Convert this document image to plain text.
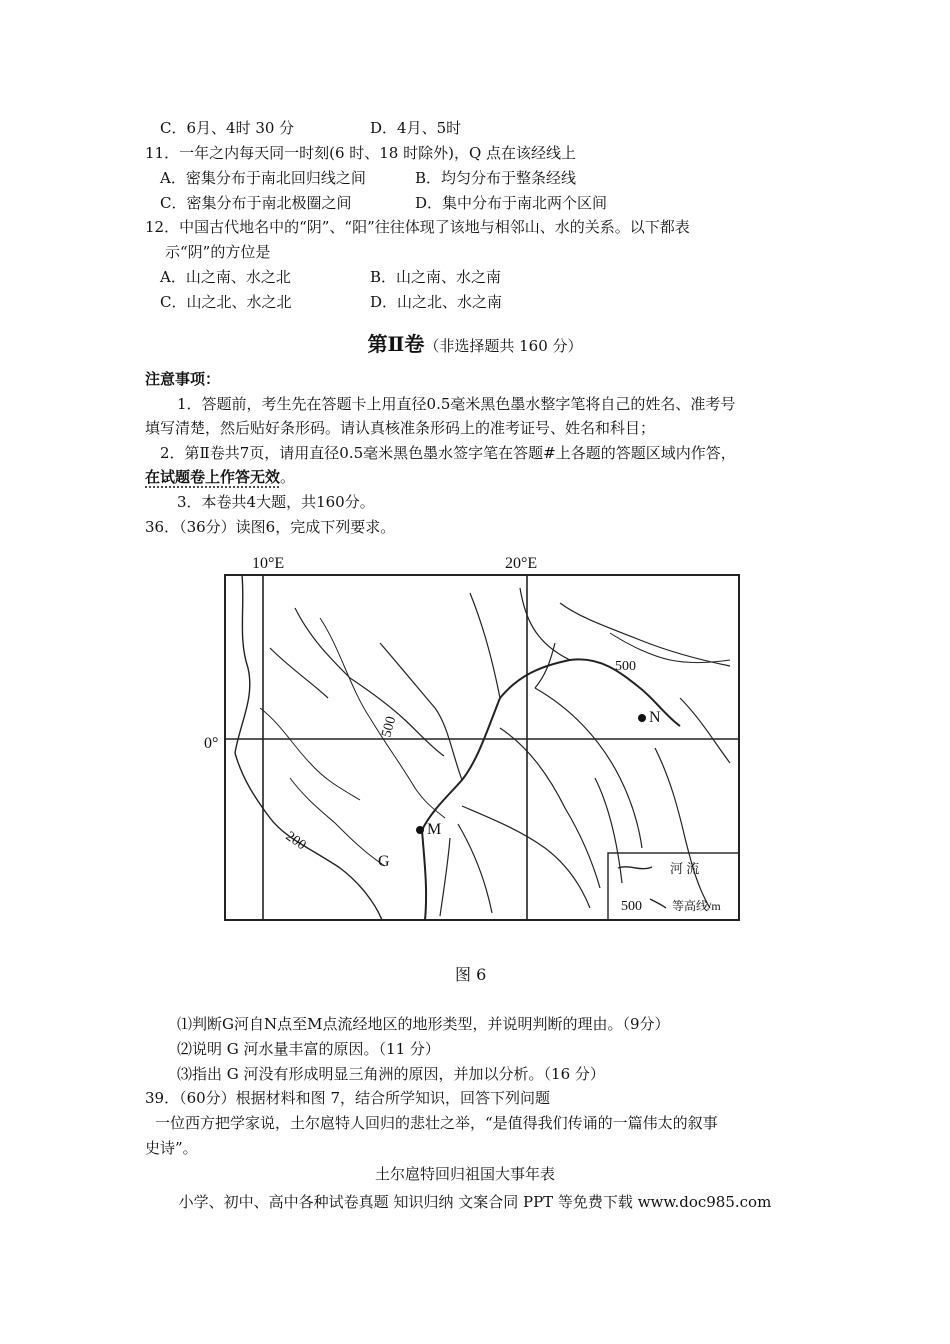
C．6月、4时 30 分	D．4月、5时
11．一年之内每天同一时刻(6 时、18 时除外)，Q 点在该经线上
A．密集分布于南北回归线之间	B．均匀分布于整条经线
C．密集分布于南北极圈之间	D．集中分布于南北两个区间
12．中国古代地名中的“阴”、“阳”往往体现了该地与相邻山、水的关系。以下都表
示“阴”的方位是
A．山之南、水之北	B．山之南、水之南
C．山之北、水之北	D．山之北、水之南
第Ⅱ卷（非选择题共 160 分）
注意事项：
1．答题前，考生先在答题卡上用直径0.5毫米黑色墨水整字笔将自己的姓名、准考号
填写清楚，然后贴好条形码。请认真核准条形码上的准考证号、姓名和科目；
2．第Ⅱ卷共7页，请用直径0.5毫米黑色墨水签字笔在答题#上各题的答题区域内作答，
在试题卷上作答无效。
3．本卷共4大题，共160分。
36．（36分）读图6，完成下列要求。
10°E	20°E
0°
500
500
200
N
M
G	河 流
500	等高线/m
图 6
⑴判断G河自N点至M点流经地区的地形类型，并说明判断的理由。（9分）
⑵说明 G 河水量丰富的原因。（11 分）
⑶指出 G 河没有形成明显三角洲的原因，并加以分析。（16 分）
39．（60分）根据材料和图 7，结合所学知识，回答下列问题
一位西方把学家说，土尔扈特人回归的悲壮之举，“是值得我们传诵的一篇伟太的叙事
史诗”。
土尔扈特回归祖国大事年表
小学、初中、高中各种试卷真题 知识归纳 文案合同 PPT 等免费下载 www.doc985.com
